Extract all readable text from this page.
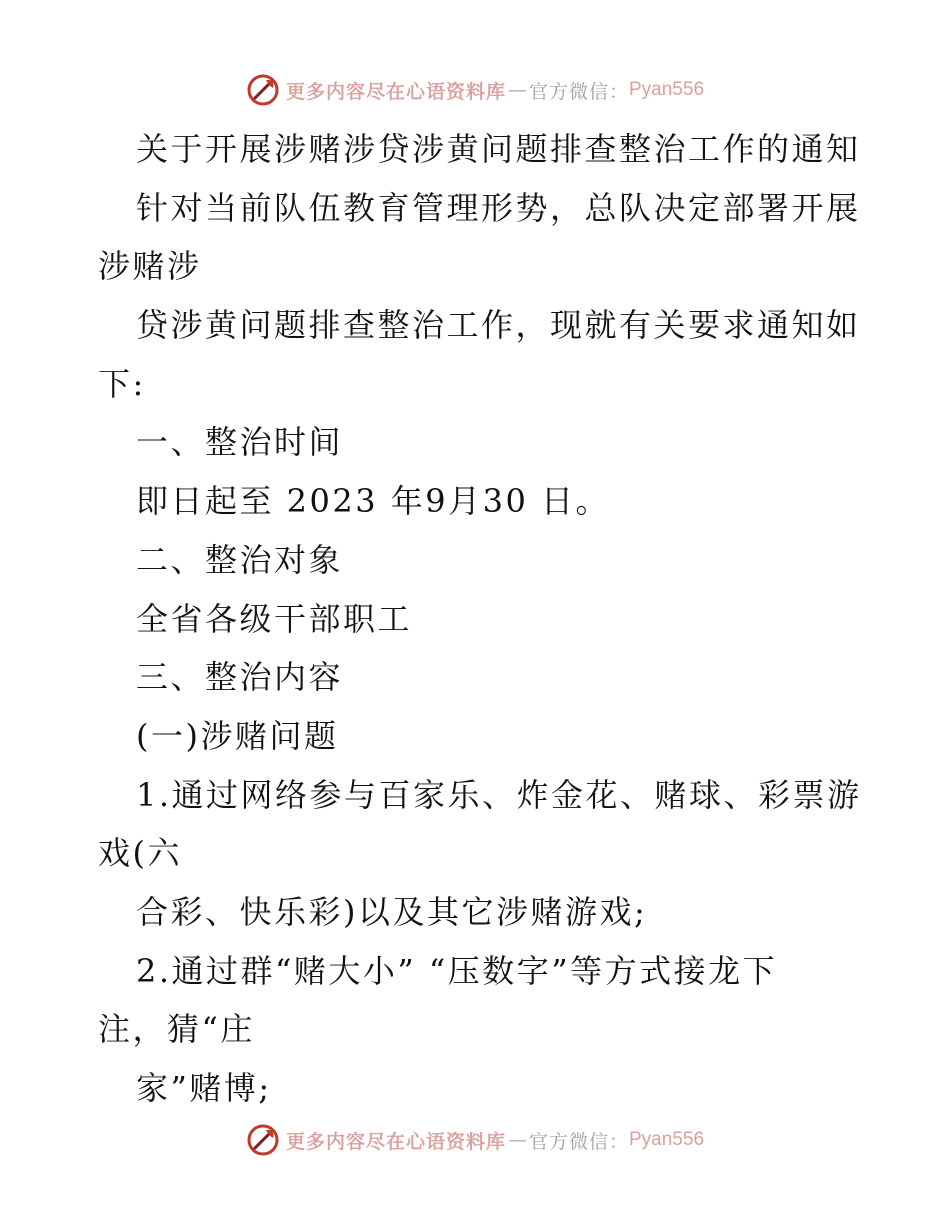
更多内容尽在心语资料库 — 官方微信： Pyan556
关于开展涉赌涉贷涉黄问题排查整治工作的通知
针对当前队伍教育管理形势，总队决定部署开展
涉赌涉
贷涉黄问题排查整治工作，现就有关要求通知如
下:
一、整治时间
即日起至 2023 年9月30 日。
二、整治对象
全省各级干部职工
三、整治内容
(一)涉赌问题
1.通过网络参与百家乐、炸金花、赌球、彩票游
戏(六
合彩、快乐彩)以及其它涉赌游戏;
2.通过群“赌大小” “压数字”等方式接龙下
注，猜“庄
家”赌博;
更多内容尽在心语资料库 — 官方微信： Pyan556
